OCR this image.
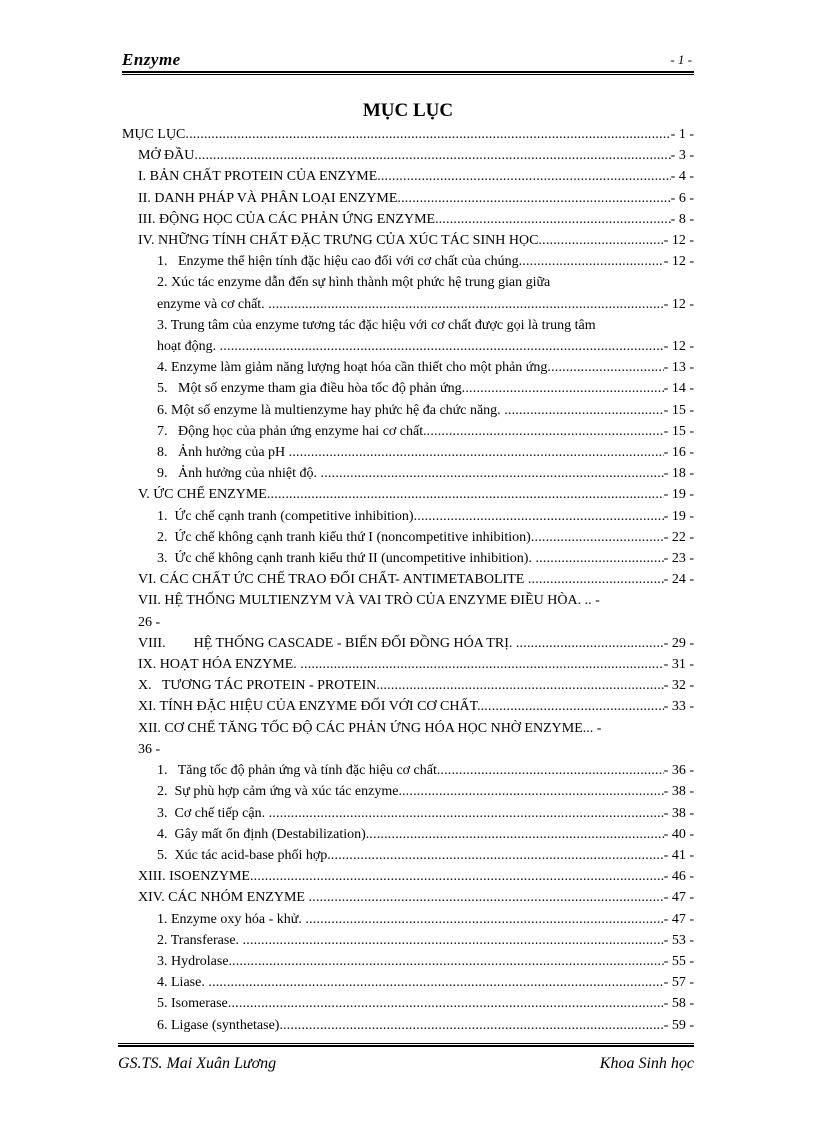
Enzyme	- 1 -
MỤC LỤC
MỤC LỤC .....	- 1 -
MỞ ĐẦU .....	- 3 -
I. BẢN CHẤT PROTEIN CỦA ENZYME. .....	- 4 -
II. DANH PHÁP VÀ PHÂN LOẠI ENZYME .....	- 6 -
III. ĐỘNG HỌC CỦA CÁC PHẢN ỨNG ENZYME. .....	- 8 -
IV. NHỮNG TÍNH CHẤT ĐẶC TRƯNG CỦA XÚC TÁC SINH HỌC .....	- 12 -
1.   Enzyme thể hiện tính đặc hiệu cao đối với cơ chất của chúng .....	- 12 -
2. Xúc tác enzyme dẫn đến sự hình thành một phức hệ trung gian giữa
enzyme và cơ chất. .....	- 12 -
3. Trung tâm của enzyme tương tác đặc hiệu với cơ chất được gọi là trung tâm
hoạt động. .....	- 12 -
4. Enzyme làm giảm năng lượng hoạt hóa cần thiết cho một phản ứng .....	- 13 -
5.   Một số enzyme tham gia điều hòa tốc độ phản ứng .....	- 14 -
6. Một số enzyme là multienzyme hay phức hệ đa chức năng. .....	- 15 -
7.   Động học của phản ứng enzyme hai cơ chất. .....	- 15 -
8.   Ảnh hưởng của pH .....	- 16 -
9.   Ảnh hưởng của nhiệt độ. .....	- 18 -
V. ỨC CHẾ ENZYME .....	- 19 -
1.  Ức chế cạnh tranh (competitive inhibition) .....	- 19 -
2.  Ức chế không cạnh tranh kiểu thứ I (noncompetitive inhibition) .....	- 22 -
3.  Ức chế không cạnh tranh kiểu thứ II (uncompetitive inhibition). .....	- 23 -
VI. CÁC CHẤT ỨC CHẾ TRAO ĐỔI CHẤT- ANTIMETABOLITE .....	- 24 -
VII. HỆ THỐNG MULTIENZYM VÀ VAI TRÒ CỦA ENZYME ĐIỀU HÒA. .. -
26 -
VIII.        HỆ THỐNG CASCADE - BIẾN ĐỔI ĐỒNG HÓA TRỊ. .....	- 29 -
IX. HOẠT HÓA ENZYME. .....	- 31 -
X.   TƯƠNG TÁC PROTEIN - PROTEIN. .....	- 32 -
XI. TÍNH ĐẶC HIỆU CỦA ENZYME ĐỐI VỚI CƠ CHẤT. .....	- 33 -
XII. CƠ CHẾ TĂNG TỐC ĐỘ CÁC PHẢN ỨNG HÓA HỌC NHỜ ENZYME... -
36 -
1.   Tăng tốc độ phản ứng và tính đặc hiệu cơ chất. .....	- 36 -
2.  Sự phù hợp cảm ứng và xúc tác enzyme. .....	- 38 -
3.  Cơ chế tiếp cận. .....	- 38 -
4.  Gây mất ổn định (Destabilization). .....	- 40 -
5.  Xúc tác acid-base phối hợp. .....	- 41 -
XIII. ISOENZYME .....	- 46 -
XIV. CÁC NHÓM ENZYME .....	- 47 -
1. Enzyme oxy hóa - khử. .....	- 47 -
2. Transferase. .....	- 53 -
3. Hydrolase. .....	- 55 -
4. Liase. .....	- 57 -
5. Isomerase .....	- 58 -
6. Ligase (synthetase). .....	- 59 -
GS.TS. Mai Xuân Lương	Khoa Sinh học
